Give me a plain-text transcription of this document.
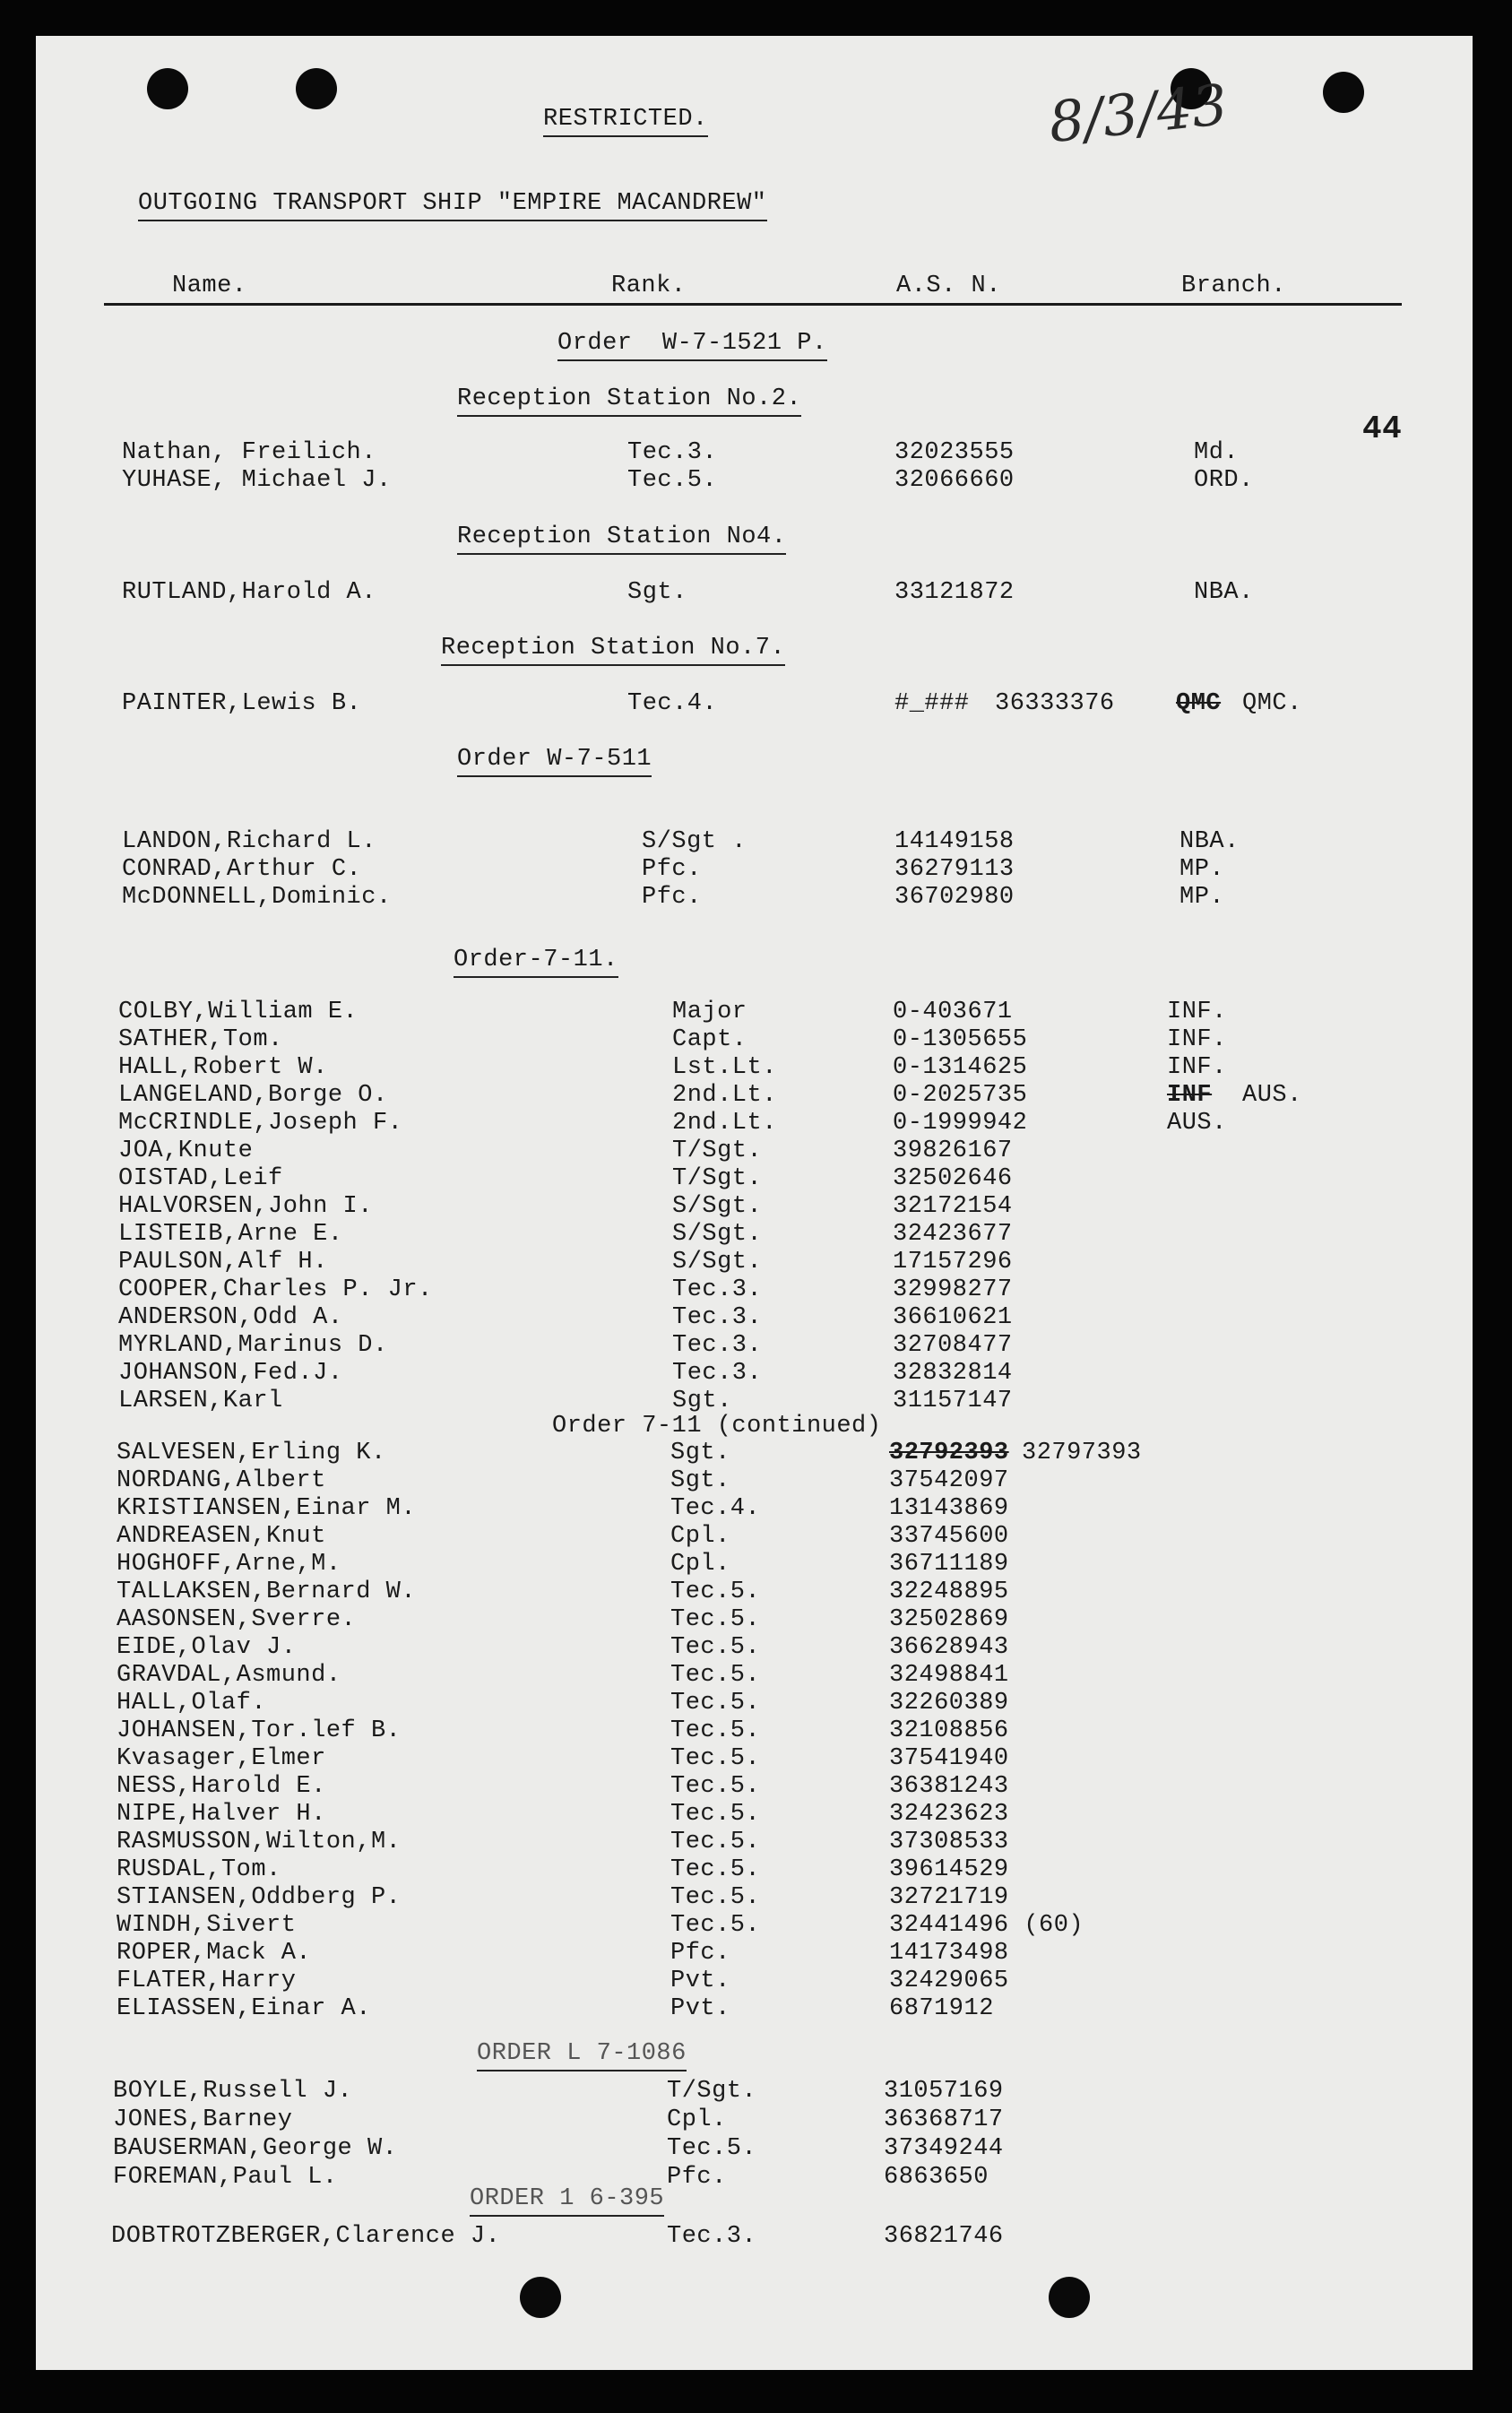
RESTRICTED.	8/3/43
OUTGOING TRANSPORT SHIP "EMPIRE MACANDREW"
44
Name.	Rank.	A.S. N.	Branch.
Order  W-7-1521 P.
Reception Station No.2.
Reception Station No4.
Reception Station No.7.
Order W-7-511
Order-7-11.
Order 7-11 (continued)
ORDER L 7-1086
ORDER 1 6-395
Nathan, Freilich.	Tec.3.	32023555	Md.
YUHASE, Michael J.	Tec.5.	32066660	ORD.
RUTLAND,Harold A.	Sgt.	33121872	NBA.
PAINTER,Lewis B.	Tec.4.	#_### 36333376	QMC QMC.
LANDON,Richard L.	S/Sgt .	14149158	NBA.
CONRAD,Arthur C.	Pfc.	36279113	MP.
McDONNELL,Dominic.	Pfc.	36702980	MP.
COLBY,William E.	Major	0-403671	INF.
SATHER,Tom.	Capt.	0-1305655	INF.
HALL,Robert W.	Lst.Lt.	0-1314625	INF.
LANGELAND,Borge O.	2nd.Lt.	0-2025735	INF AUS.
McCRINDLE,Joseph F.	2nd.Lt.	0-1999942	AUS.
JOA,Knute	T/Sgt.	39826167
OISTAD,Leif	T/Sgt.	32502646
HALVORSEN,John I.	S/Sgt.	32172154
LISTEIB,Arne E.	S/Sgt.	32423677
PAULSON,Alf H.	S/Sgt.	17157296
COOPER,Charles P. Jr.	Tec.3.	32998277
ANDERSON,Odd A.	Tec.3.	36610621
MYRLAND,Marinus D.	Tec.3.	32708477
JOHANSON,Fed.J.	Tec.3.	32832814
LARSEN,Karl	Sgt.	31157147
SALVESEN,Erling K.	Sgt.	32792393 32797393
NORDANG,Albert	Sgt.	37542097
KRISTIANSEN,Einar M.	Tec.4.	13143869
ANDREASEN,Knut	Cpl.	33745600
HOGHOFF,Arne,M.	Cpl.	36711189
TALLAKSEN,Bernard W.	Tec.5.	32248895
AASONSEN,Sverre.	Tec.5.	32502869
EIDE,Olav J.	Tec.5.	36628943
GRAVDAL,Asmund.	Tec.5.	32498841
HALL,Olaf.	Tec.5.	32260389
JOHANSEN,Tor.lef B.	Tec.5.	32108856
Kvasager,Elmer	Tec.5.	37541940
NESS,Harold E.	Tec.5.	36381243
NIPE,Halver H.	Tec.5.	32423623
RASMUSSON,Wilton,M.	Tec.5.	37308533
RUSDAL,Tom.	Tec.5.	39614529
STIANSEN,Oddberg P.	Tec.5.	32721719
WINDH,Sivert	Tec.5.	32441496 (60)
ROPER,Mack A.	Pfc.	14173498
FLATER,Harry	Pvt.	32429065
ELIASSEN,Einar A.	Pvt.	6871912
BOYLE,Russell J.	T/Sgt.	31057169
JONES,Barney	Cpl.	36368717
BAUSERMAN,George W.	Tec.5.	37349244
FOREMAN,Paul L.	Pfc.	6863650
DOBTROTZBERGER,Clarence J.	Tec.3.	36821746
